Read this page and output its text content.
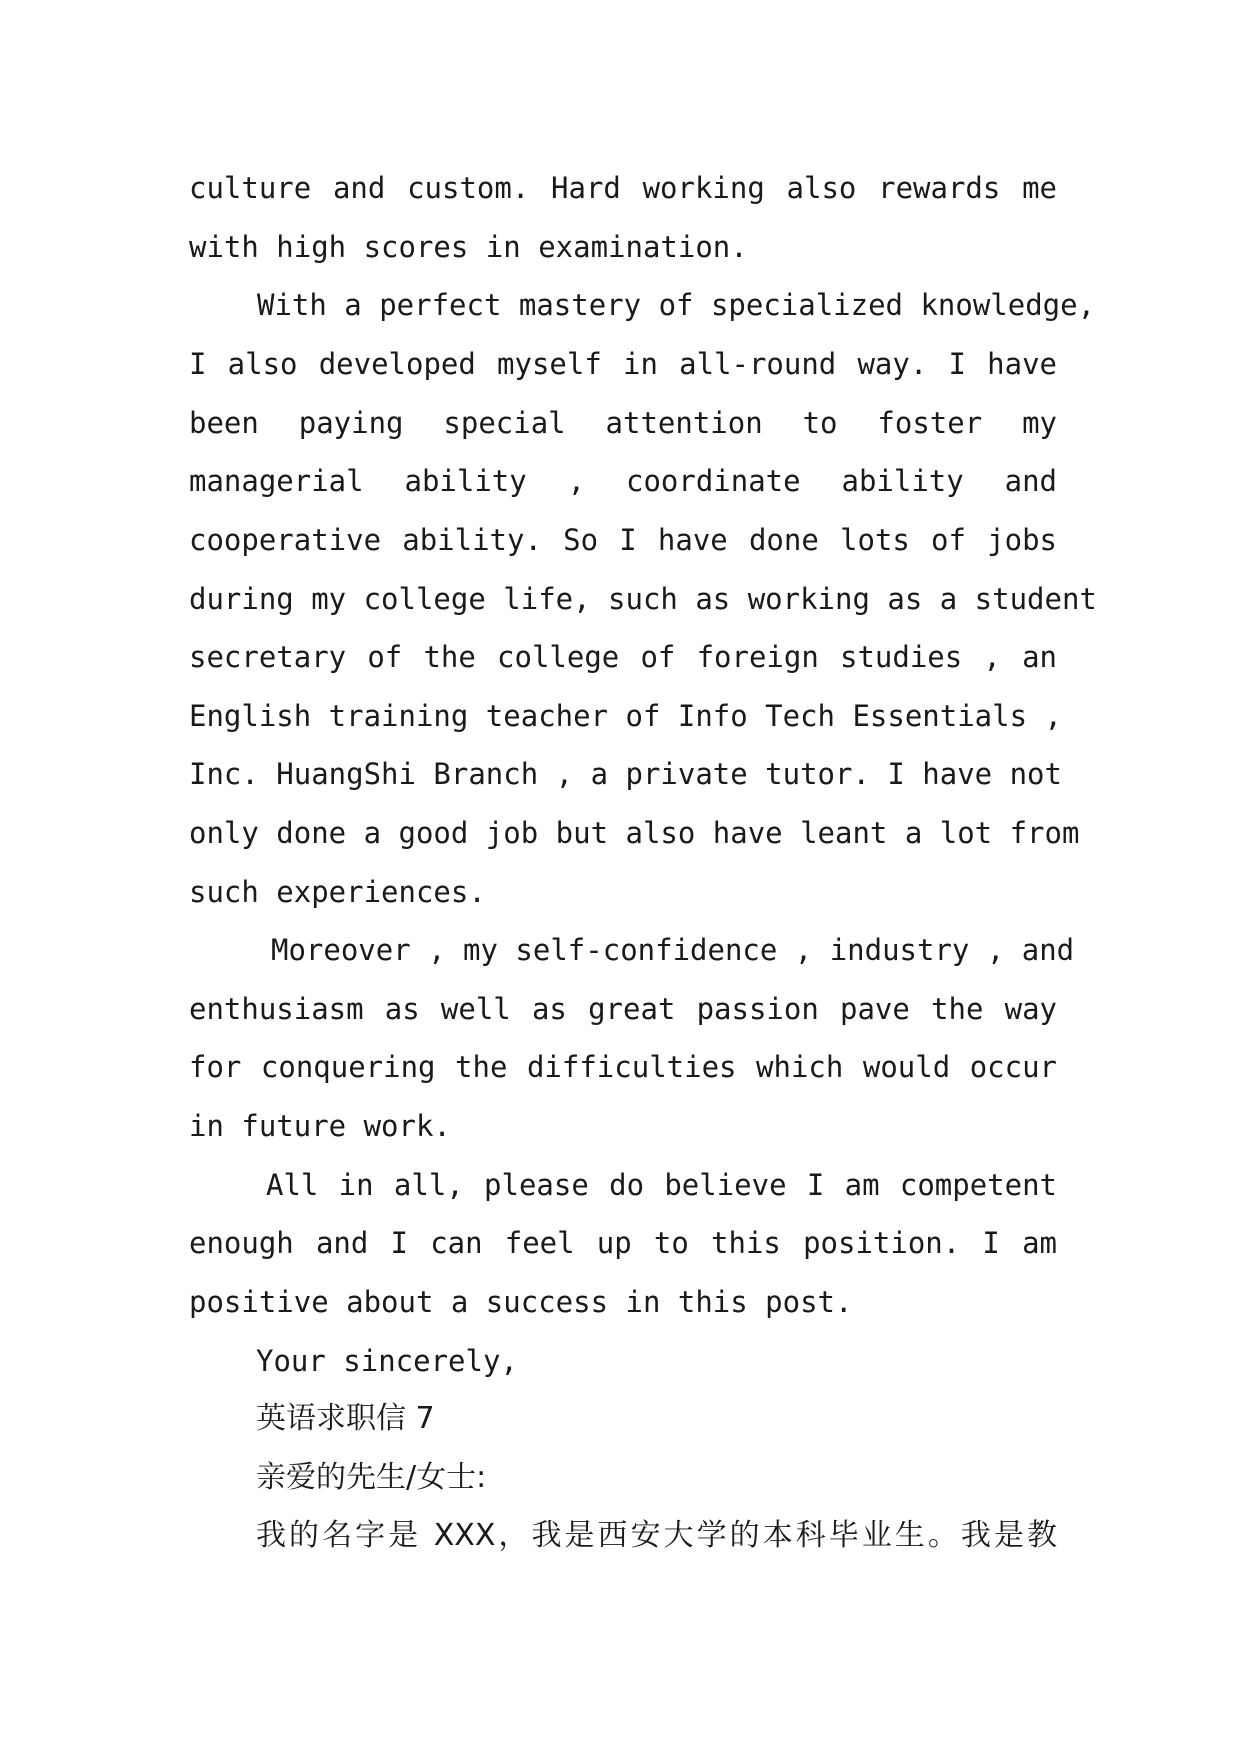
culture and custom. Hard working also rewards me
with high scores in examination.
With a perfect mastery of specialized knowledge,
I also developed myself in all-round way. I have
been paying special attention to foster my
managerial ability , coordinate ability and
cooperative ability. So I have done lots of jobs
during my college life, such as working as a student
secretary of the college of foreign studies , an
English training teacher of Info Tech Essentials ,
Inc. HuangShi Branch , a private tutor. I have not
only done a good job but also have leant a lot from
such experiences.
Moreover , my self-confidence , industry , and
enthusiasm as well as great passion pave the way
for conquering the difficulties which would occur
in future work.
All in all, please do believe I am competent
enough and I can feel up to this position. I am
positive about a success in this post.
Your sincerely,
英语求职信 7
亲爱的先生/女士:
我的名字是 XXX，我是西安大学的本科毕业生。我是教
